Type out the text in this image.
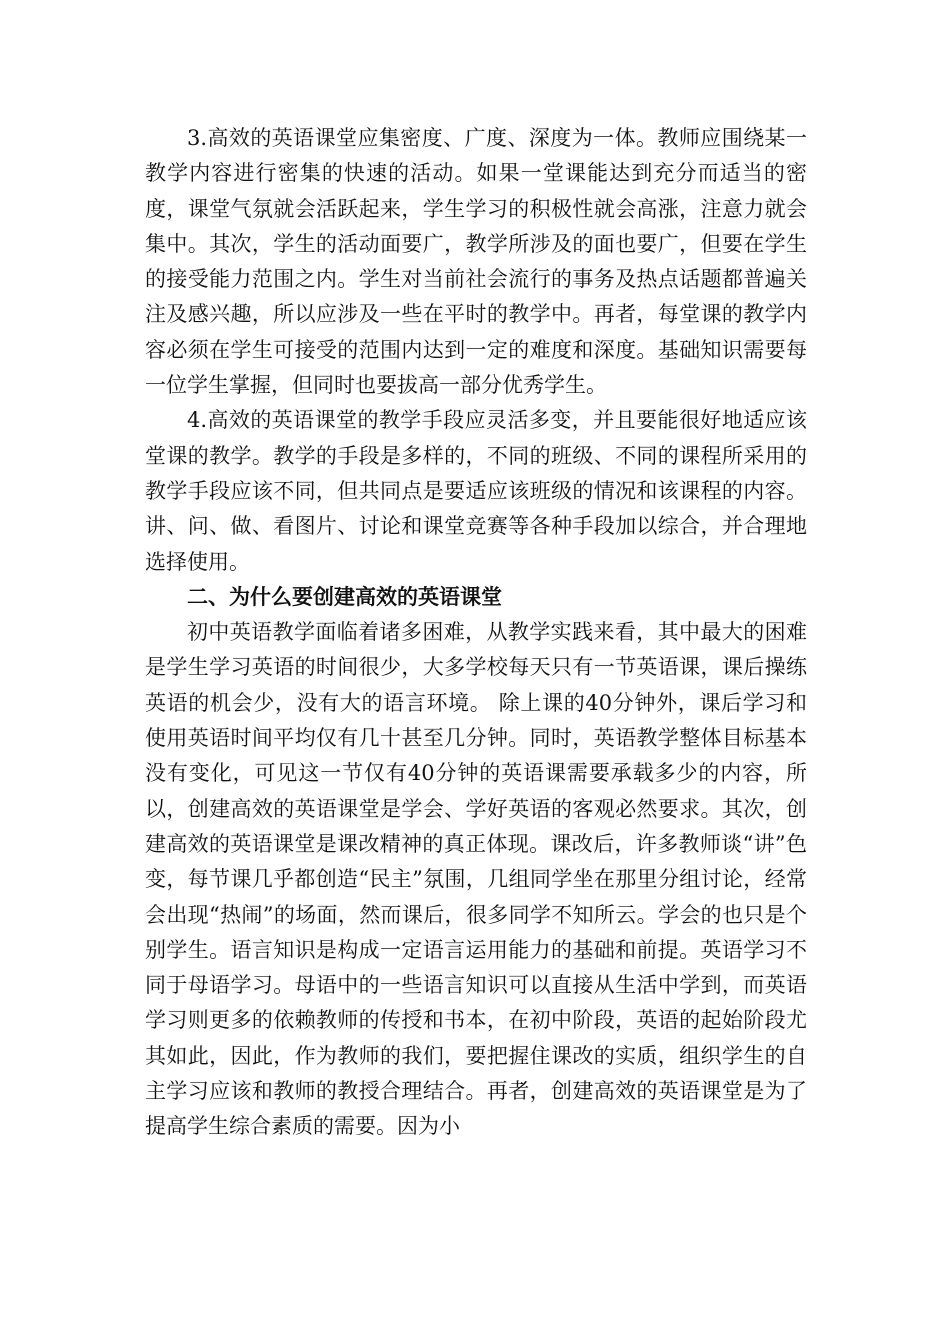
3.高效的英语课堂应集密度、广度、深度为一体。教师应围绕某一教学内容进行密集的快速的活动。如果一堂课能达到充分而适当的密度，课堂气氛就会活跃起来，学生学习的积极性就会高涨，注意力就会集中。其次，学生的活动面要广，教学所涉及的面也要广，但要在学生的接受能力范围之内。学生对当前社会流行的事务及热点话题都普遍关注及感兴趣，所以应涉及一些在平时的教学中。再者，每堂课的教学内容必须在学生可接受的范围内达到一定的难度和深度。基础知识需要每一位学生掌握，但同时也要拔高一部分优秀学生。

4.高效的英语课堂的教学手段应灵活多变，并且要能很好地适应该堂课的教学。教学的手段是多样的，不同的班级、不同的课程所采用的教学手段应该不同，但共同点是要适应该班级的情况和该课程的内容。讲、问、做、看图片、讨论和课堂竞赛等各种手段加以综合，并合理地选择使用。

二、为什么要创建高效的英语课堂

初中英语教学面临着诸多困难，从教学实践来看，其中最大的困难是学生学习英语的时间很少，大多学校每天只有一节英语课，课后操练英语的机会少，没有大的语言环境。 除上课的40分钟外，课后学习和使用英语时间平均仅有几十甚至几分钟。同时，英语教学整体目标基本没有变化，可见这一节仅有40分钟的英语课需要承载多少的内容，所以，创建高效的英语课堂是学会、学好英语的客观必然要求。其次，创建高效的英语课堂是课改精神的真正体现。课改后，许多教师谈“讲”色变，每节课几乎都创造“民主”氛围，几组同学坐在那里分组讨论，经常会出现“热闹”的场面，然而课后，很多同学不知所云。学会的也只是个别学生。语言知识是构成一定语言运用能力的基础和前提。英语学习不同于母语学习。母语中的一些语言知识可以直接从生活中学到，而英语学习则更多的依赖教师的传授和书本，在初中阶段，英语的起始阶段尤其如此，因此，作为教师的我们，要把握住课改的实质，组织学生的自主学习应该和教师的教授合理结合。再者，创建高效的英语课堂是为了提高学生综合素质的需要。因为小
